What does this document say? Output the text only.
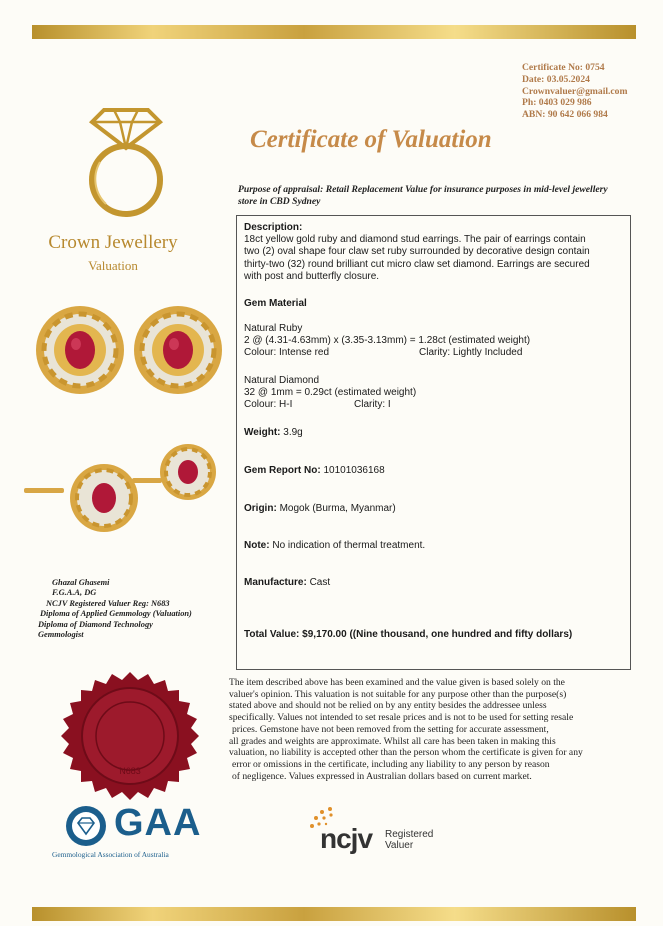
Certificate No: 0754
Date: 03.05.2024
Crownvaluer@gmail.com
Ph: 0403 029 986
ABN: 90 642 066 984
Crown Jewellery
Valuation
Certificate of Valuation
Purpose of appraisal: Retail Replacement Value for insurance purposes in mid-level jewellery store in CBD Sydney
Description:
18ct yellow gold ruby and diamond stud earrings. The pair of earrings contain
two (2) oval shape four claw set ruby surrounded by decorative design contain
thirty-two (32) round brilliant cut micro claw set diamond. Earrings are secured
with post and butterfly closure.
Gem Material
Natural Ruby
2 @ (4.31-4.63mm) x (3.35-3.13mm) = 1.28ct (estimated weight)
Colour: Intense red	Clarity: Lightly Included
Natural Diamond
32 @ 1mm = 0.29ct (estimated weight)
Colour: H-I	Clarity: I
Weight: 3.9g
Gem Report No: 10101036168
Origin: Mogok (Burma, Myanmar)
Note: No indication of thermal treatment.
Manufacture: Cast
Total Value: $9,170.00 ((Nine thousand, one hundred and fifty dollars)
Ghazal Ghasemi
F.G.A.A, DG
NCJV Registered Valuer Reg: N683
Diploma of Applied Gemmology (Valuation)
Diploma of Diamond Technology
Gemmologist
N683
The item described above has been examined and the value given is based solely on the
valuer's opinion. This valuation is not suitable for any purpose other than the purpose(s)
stated above and should not be relied on by any entity besides the addressee unless
specifically. Values not intended to set resale prices and is not to be used for setting resale
prices. Gemstone have not been removed from the setting for accurate assessment,
all grades and weights are approximate. Whilst all care has been taken in making this
valuation, no liability is accepted other than the person whom the certificate is given for any
error or omissions in the certificate, including any liability to any person by reason
of negligence. Values expressed in Australian dollars based on current market.
GAA
Gemmological Association of Australia
ncjv Registered
Valuer
